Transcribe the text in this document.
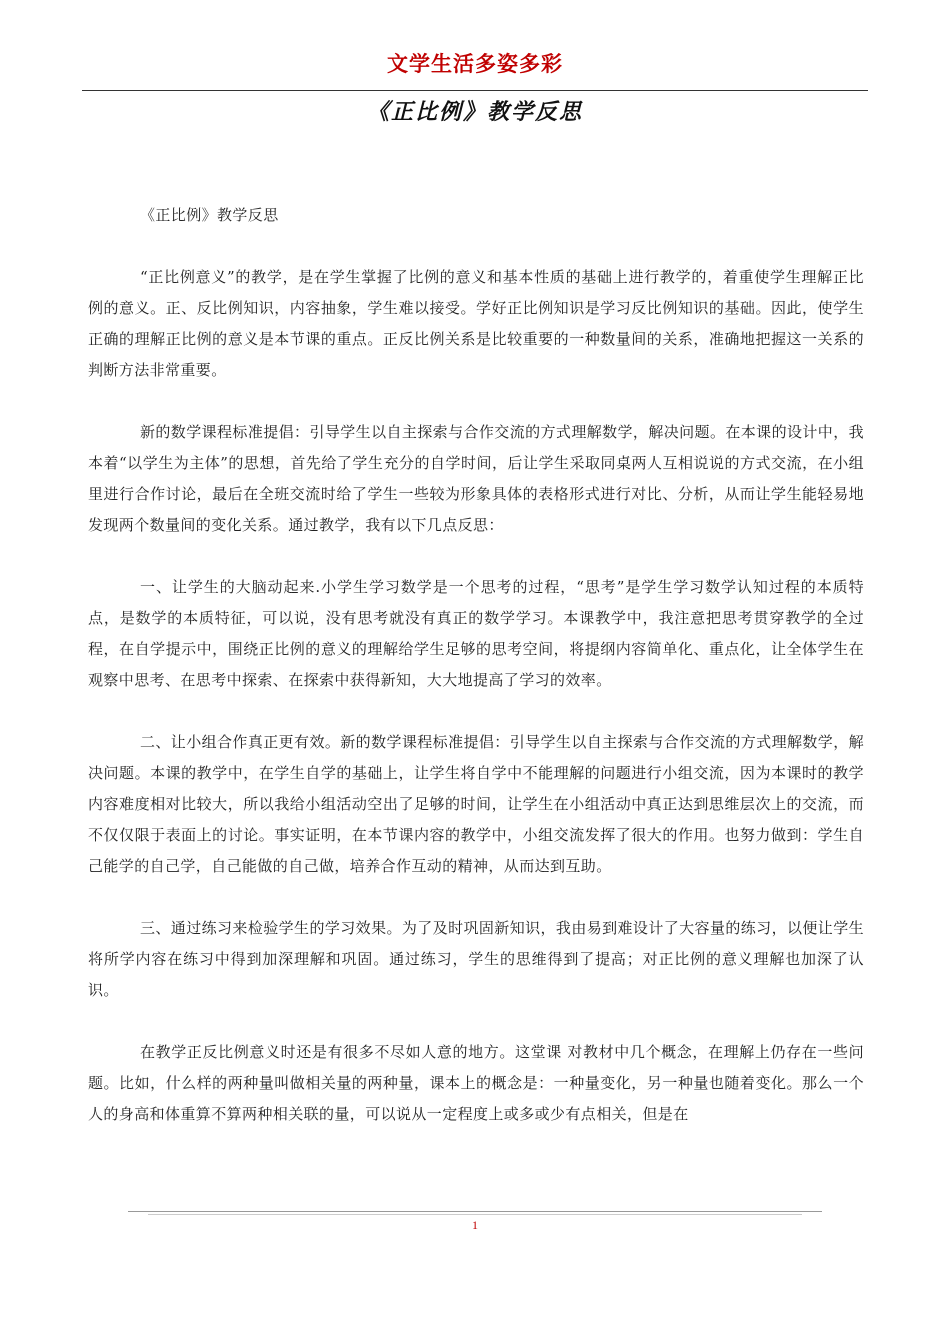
文学生活多姿多彩
《正比例》教学反思

《正比例》教学反思

“正比例意义”的教学，是在学生掌握了比例的意义和基本性质的基础上进行教学的，着重使学生理解正比例的意义。正、反比例知识，内容抽象，学生难以接受。学好正比例知识是学习反比例知识的基础。因此，使学生正确的理解正比例的意义是本节课的重点。正反比例关系是比较重要的一种数量间的关系，准确地把握这一关系的判断方法非常重要。

新的数学课程标准提倡：引导学生以自主探索与合作交流的方式理解数学，解决问题。在本课的设计中，我本着“以学生为主体”的思想，首先给了学生充分的自学时间，后让学生采取同桌两人互相说说的方式交流，在小组里进行合作讨论，最后在全班交流时给了学生一些较为形象具体的表格形式进行对比、分析，从而让学生能轻易地发现两个数量间的变化关系。通过教学，我有以下几点反思：

一、让学生的大脑动起来.小学生学习数学是一个思考的过程，“思考”是学生学习数学认知过程的本质特点，是数学的本质特征，可以说，没有思考就没有真正的数学学习。本课教学中，我注意把思考贯穿教学的全过程，在自学提示中，围绕正比例的意义的理解给学生足够的思考空间，将提纲内容简单化、重点化，让全体学生在观察中思考、在思考中探索、在探索中获得新知，大大地提高了学习的效率。

二、让小组合作真正更有效。新的数学课程标准提倡：引导学生以自主探索与合作交流的方式理解数学，解决问题。本课的教学中，在学生自学的基础上，让学生将自学中不能理解的问题进行小组交流，因为本课时的教学内容难度相对比较大，所以我给小组活动空出了足够的时间，让学生在小组活动中真正达到思维层次上的交流，而不仅仅限于表面上的讨论。事实证明，在本节课内容的教学中，小组交流发挥了很大的作用。也努力做到：学生自己能学的自己学，自己能做的自己做，培养合作互动的精神，从而达到互助。

三、通过练习来检验学生的学习效果。为了及时巩固新知识，我由易到难设计了大容量的练习，以便让学生将所学内容在练习中得到加深理解和巩固。通过练习，学生的思维得到了提高；对正比例的意义理解也加深了认识。

在教学正反比例意义时还是有很多不尽如人意的地方。这堂课 对教材中几个概念，在理解上仍存在一些问题。比如，什么样的两种量叫做相关量的两种量，课本上的概念是：一种量变化，另一种量也随着变化。那么一个人的身高和体重算不算两种相关联的量，可以说从一定程度上或多或少有点相关，但是在

1
